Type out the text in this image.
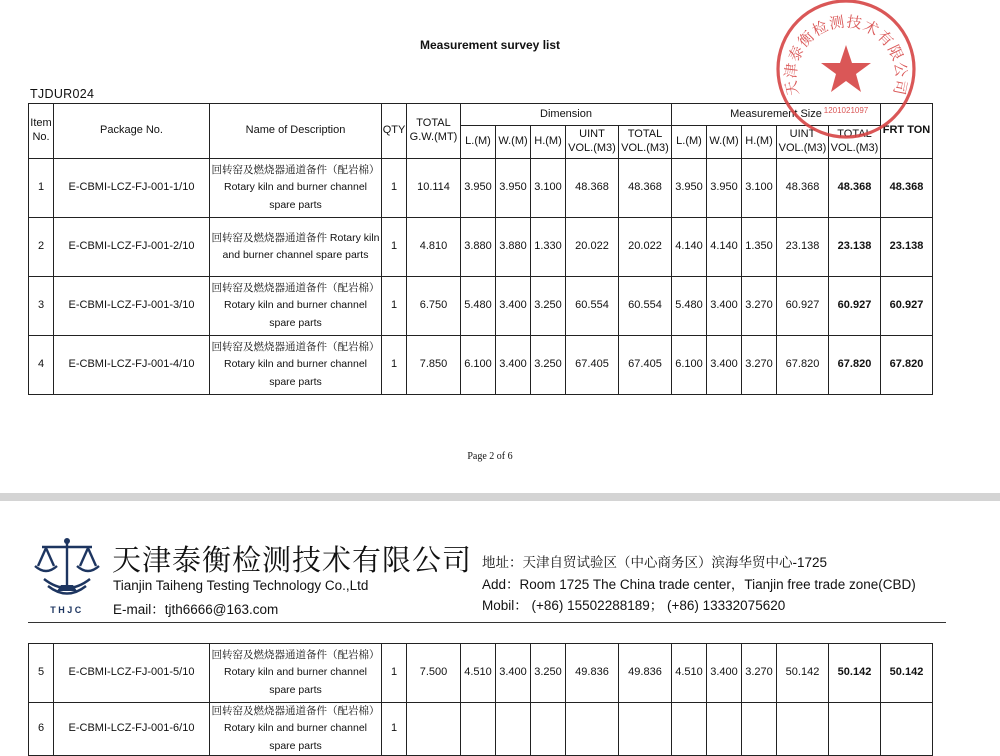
Measurement survey list
TJDUR024
Item No.	Package No.	Name of Description	QTY	TOTAL G.W.(MT)	Dimension					Measurement Size					FRT TON
					L.(M)	W.(M)	H.(M)	UINT VOL.(M3)	TOTAL VOL.(M3)	L.(M)	W.(M)	H.(M)	UINT VOL.(M3)	TOTAL VOL.(M3)	
1	E-CBMI-LCZ-FJ-001-1/10	回转窑及燃烧器通道备件（配岩棉）Rotary kiln and burner channel spare parts	1	10.114	3.950	3.950	3.100	48.368	48.368	3.950	3.950	3.100	48.368	48.368	48.368
2	E-CBMI-LCZ-FJ-001-2/10	回转窑及燃烧器通道备件 Rotary kiln and burner channel spare parts	1	4.810	3.880	3.880	1.330	20.022	20.022	4.140	4.140	1.350	23.138	23.138	23.138
3	E-CBMI-LCZ-FJ-001-3/10	回转窑及燃烧器通道备件（配岩棉）Rotary kiln and burner channel spare parts	1	6.750	5.480	3.400	3.250	60.554	60.554	5.480	3.400	3.270	60.927	60.927	60.927
4	E-CBMI-LCZ-FJ-001-4/10	回转窑及燃烧器通道备件（配岩棉）Rotary kiln and burner channel spare parts	1	7.850	6.100	3.400	3.250	67.405	67.405	6.100	3.400	3.270	67.820	67.820	67.820
Page 2 of 6
THJC
天津泰衡检测技术有限公司
Tianjin Taiheng Testing Technology Co.,Ltd
E-mail：tjth6666@163.com
地址：天津自贸试验区（中心商务区）滨海华贸中心-1725
Add：Room 1725 The China trade center，Tianjin free trade zone(CBD)
Mobil： (+86) 15502288189； (+86) 13332075620
5	E-CBMI-LCZ-FJ-001-5/10	回转窑及燃烧器通道备件（配岩棉）Rotary kiln and burner channel spare parts	1	7.500	4.510	3.400	3.250	49.836	49.836	4.510	3.400	3.270	50.142	50.142	50.142
6	E-CBMI-LCZ-FJ-001-6/10	回转窑及燃烧器通道备件（配岩棉）Rotary kiln and burner channel spare parts	1												
天津泰衡检测技术有限公司
1201021097
